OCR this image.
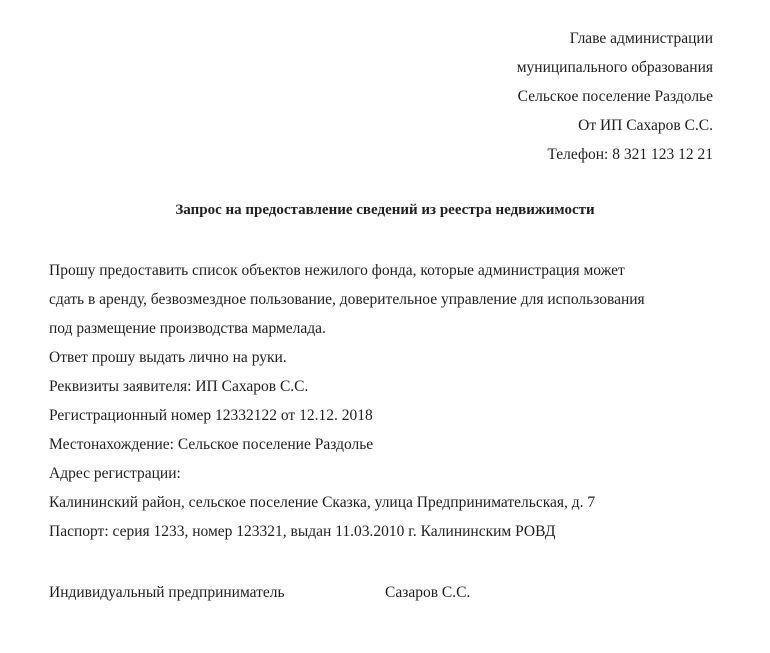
Главе администрации
муниципального образования
Сельское поселение Раздолье
От ИП Сахаров С.С.
Телефон: 8 321 123 12 21
Запрос на предоставление сведений из реестра недвижимости
Прошу предоставить список объектов нежилого фонда, которые администрация может
сдать в аренду, безвозмездное пользование, доверительное управление для использования
под размещение производства мармелада.
Ответ прошу выдать лично на руки.
Реквизиты заявителя: ИП Сахаров С.С.
Регистрационный номер 12332122 от 12.12. 2018
Местонахождение: Сельское поселение Раздолье
Адрес регистрации:
Калининский район, сельское поселение Сказка, улица Предпринимательская, д. 7
Паспорт: серия 1233, номер 123321, выдан 11.03.2010 г. Калининским РОВД
Индивидуальный предприниматель	Сазаров С.С.
